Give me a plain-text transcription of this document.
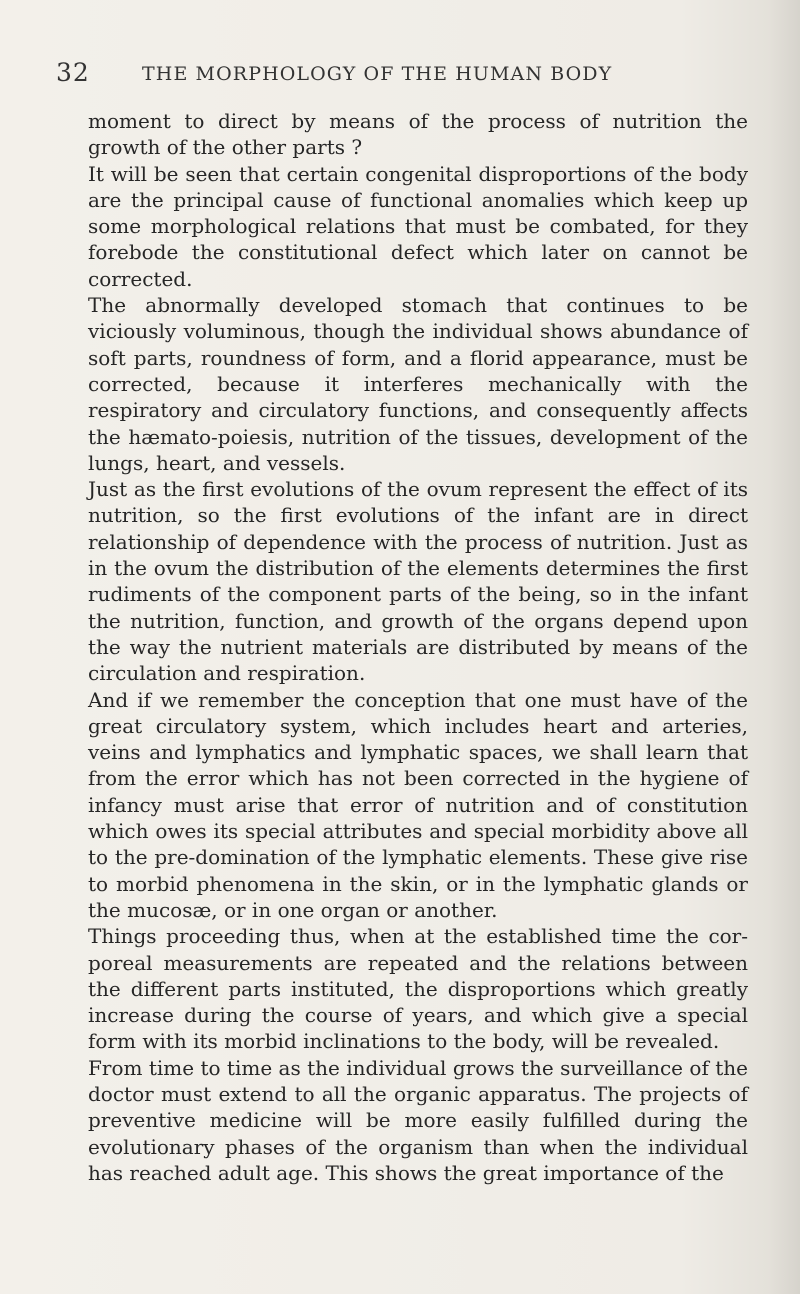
32	THE MORPHOLOGY OF THE HUMAN BODY

moment to direct by means of the process of nutrition the growth of the other parts ?

It will be seen that certain congenital disproportions of the body are the principal cause of functional anomalies which keep up some morphological relations that must be combated, for they forebode the constitutional defect which later on cannot be corrected.

The abnormally developed stomach that continues to be viciously voluminous, though the individual shows abundance of soft parts, roundness of form, and a florid appearance, must be corrected, because it interferes mechanically with the respiratory and circulatory functions, and consequently affects the hæmato-poiesis, nutrition of the tissues, development of the lungs, heart, and vessels.

Just as the first evolutions of the ovum represent the effect of its nutrition, so the first evolutions of the infant are in direct relationship of dependence with the process of nutrition. Just as in the ovum the distribution of the elements determines the first rudiments of the component parts of the being, so in the infant the nutrition, function, and growth of the organs depend upon the way the nutrient materials are distributed by means of the circulation and respiration.

And if we remember the conception that one must have of the great circulatory system, which includes heart and arteries, veins and lymphatics and lymphatic spaces, we shall learn that from the error which has not been corrected in the hygiene of infancy must arise that error of nutrition and of constitution which owes its special attributes and special morbidity above all to the pre-domination of the lymphatic elements. These give rise to morbid phenomena in the skin, or in the lymphatic glands or the mucosæ, or in one organ or another.

Things proceeding thus, when at the established time the cor-poreal measurements are repeated and the relations between the different parts instituted, the disproportions which greatly increase during the course of years, and which give a special form with its morbid inclinations to the body, will be revealed.

From time to time as the individual grows the surveillance of the doctor must extend to all the organic apparatus. The projects of preventive medicine will be more easily fulfilled during the evolutionary phases of the organism than when the individual has reached adult age. This shows the great importance of the
